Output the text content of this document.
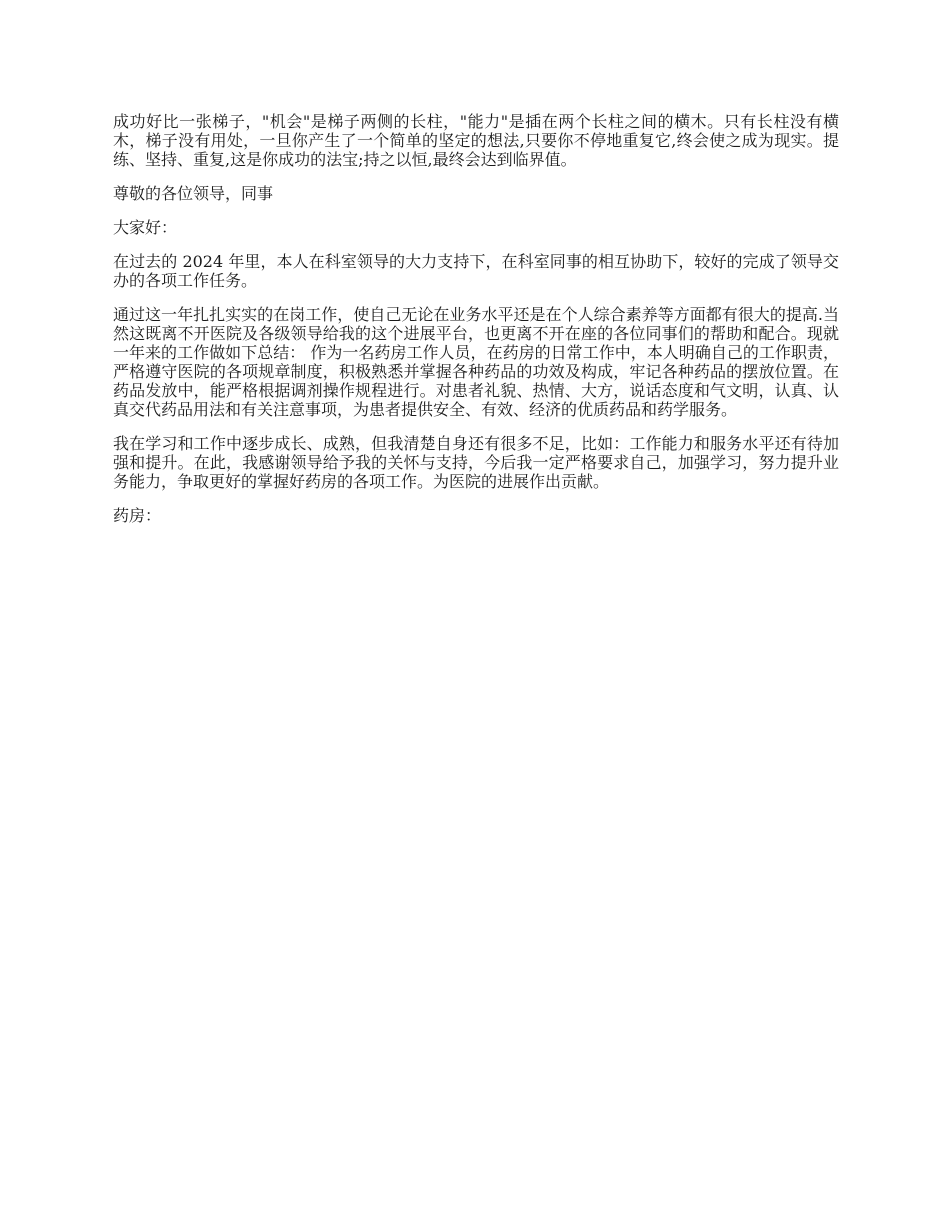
成功好比一张梯子，"机会"是梯子两侧的长柱，"能力"是插在两个长柱之间的横木。只有长柱没有横木，梯子没有用处，一旦你产生了一个简单的坚定的想法,只要你不停地重复它,终会使之成为现实。提练、坚持、重复,这是你成功的法宝;持之以恒,最终会达到临界值。

尊敬的各位领导，同事

大家好：

在过去的 2024 年里，本人在科室领导的大力支持下，在科室同事的相互协助下，较好的完成了领导交办的各项工作任务。

通过这一年扎扎实实的在岗工作，使自己无论在业务水平还是在个人综合素养等方面都有很大的提高.当然这既离不开医院及各级领导给我的这个进展平台，也更离不开在座的各位同事们的帮助和配合。现就一年来的工作做如下总结： 作为一名药房工作人员，在药房的日常工作中，本人明确自己的工作职责，严格遵守医院的各项规章制度，积极熟悉并掌握各种药品的功效及构成，牢记各种药品的摆放位置。在药品发放中，能严格根据调剂操作规程进行。对患者礼貌、热情、大方，说话态度和气文明，认真、认真交代药品用法和有关注意事项，为患者提供安全、有效、经济的优质药品和药学服务。

我在学习和工作中逐步成长、成熟，但我清楚自身还有很多不足，比如：工作能力和服务水平还有待加强和提升。在此，我感谢领导给予我的关怀与支持，今后我一定严格要求自己，加强学习，努力提升业务能力，争取更好的掌握好药房的各项工作。为医院的进展作出贡献。

药房：
